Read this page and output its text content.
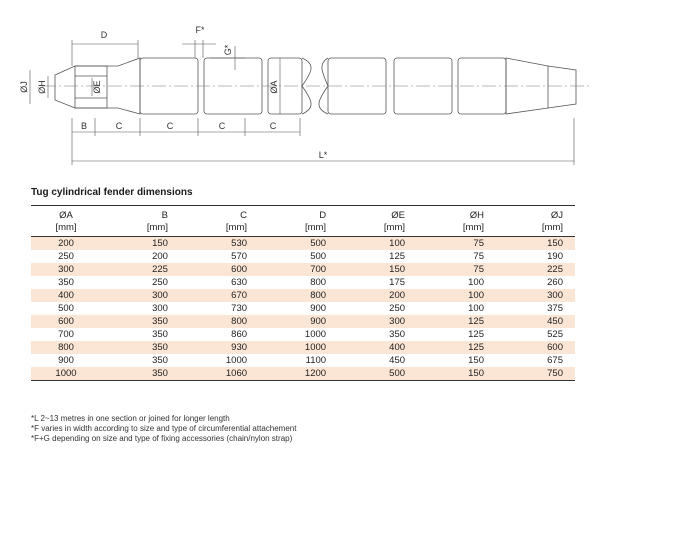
D	F*
G*
ØJ ØH	ØE	ØA
B	C	C	C	C
L*
Tug cylindrical fender dimensions
ØA	B	C	D	ØE	ØH	ØJ
[mm]	[mm]	[mm]	[mm]	[mm]	[mm]	[mm]
200	150	530	500	100	75	150
250	200	570	500	125	75	190
300	225	600	700	150	75	225
350	250	630	800	175	100	260
400	300	670	800	200	100	300
500	300	730	900	250	100	375
600	350	800	900	300	125	450
700	350	860	1000	350	125	525
800	350	930	1000	400	125	600
900	350	1000	1100	450	150	675
1000	350	1060	1200	500	150	750
*L 2~13 metres in one section or joined for longer length
*F varies in width according to size and type of circumferential attachement
*F+G depending on size and type of fixing accessories (chain/nylon strap)
